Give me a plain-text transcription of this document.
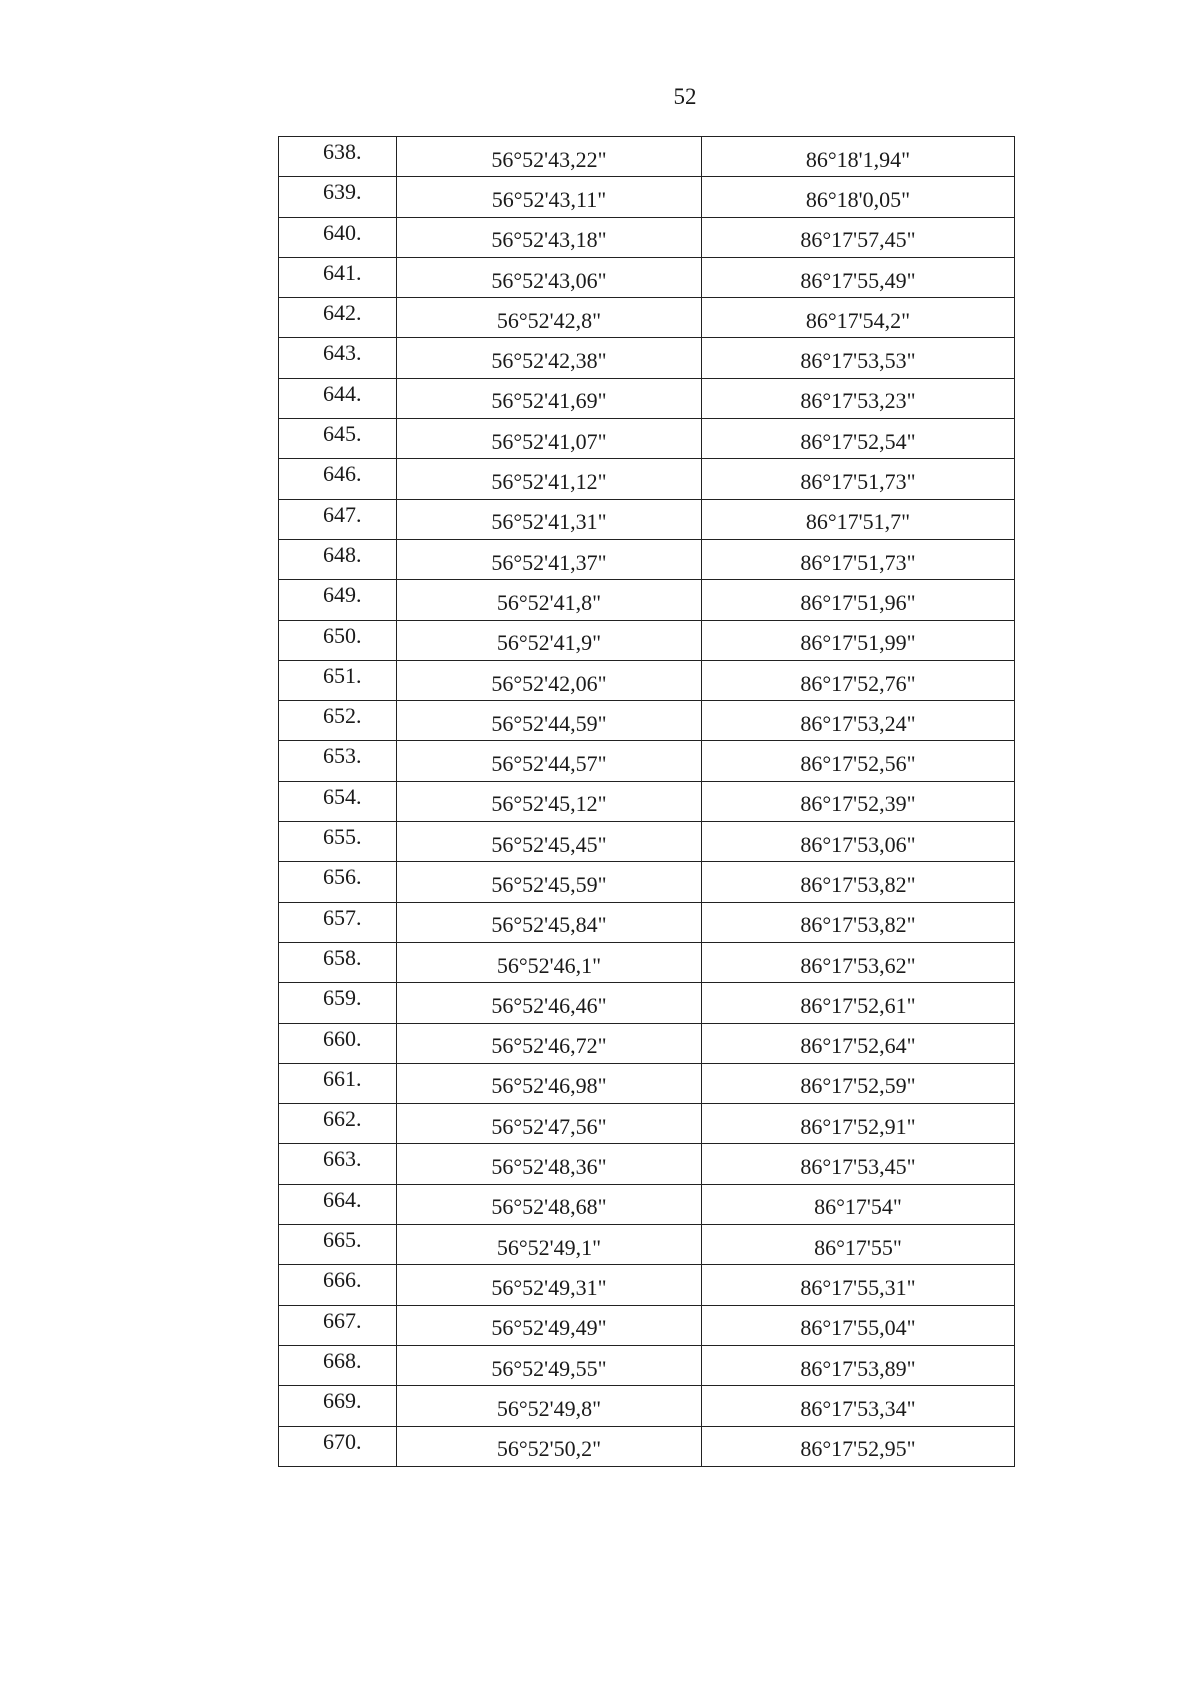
52
638.	56°52'43,22"	86°18'1,94"
639.	56°52'43,11"	86°18'0,05"
640.	56°52'43,18"	86°17'57,45"
641.	56°52'43,06"	86°17'55,49"
642.	56°52'42,8"	86°17'54,2"
643.	56°52'42,38"	86°17'53,53"
644.	56°52'41,69"	86°17'53,23"
645.	56°52'41,07"	86°17'52,54"
646.	56°52'41,12"	86°17'51,73"
647.	56°52'41,31"	86°17'51,7"
648.	56°52'41,37"	86°17'51,73"
649.	56°52'41,8"	86°17'51,96"
650.	56°52'41,9"	86°17'51,99"
651.	56°52'42,06"	86°17'52,76"
652.	56°52'44,59"	86°17'53,24"
653.	56°52'44,57"	86°17'52,56"
654.	56°52'45,12"	86°17'52,39"
655.	56°52'45,45"	86°17'53,06"
656.	56°52'45,59"	86°17'53,82"
657.	56°52'45,84"	86°17'53,82"
658.	56°52'46,1"	86°17'53,62"
659.	56°52'46,46"	86°17'52,61"
660.	56°52'46,72"	86°17'52,64"
661.	56°52'46,98"	86°17'52,59"
662.	56°52'47,56"	86°17'52,91"
663.	56°52'48,36"	86°17'53,45"
664.	56°52'48,68"	86°17'54"
665.	56°52'49,1"	86°17'55"
666.	56°52'49,31"	86°17'55,31"
667.	56°52'49,49"	86°17'55,04"
668.	56°52'49,55"	86°17'53,89"
669.	56°52'49,8"	86°17'53,34"
670.	56°52'50,2"	86°17'52,95"
